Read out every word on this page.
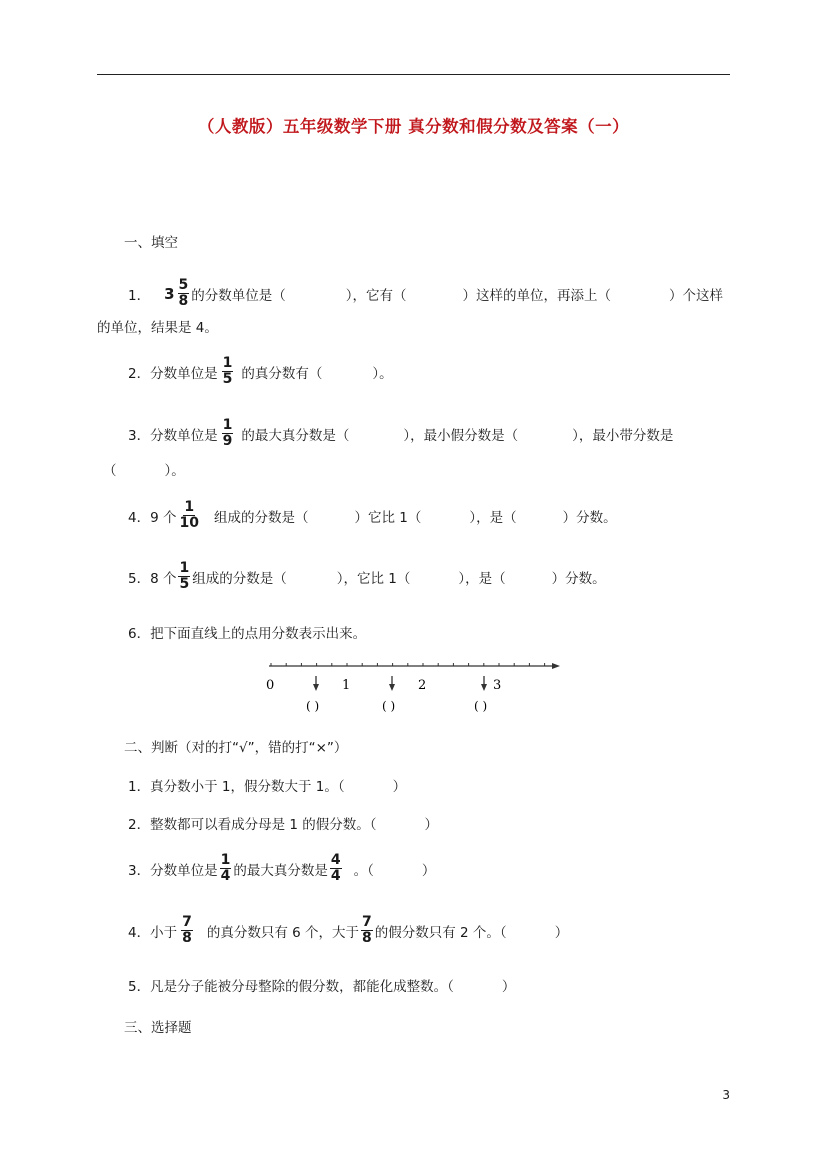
（人教版）五年级数学下册 真分数和假分数及答案（一）
一、填空
1． $3 \frac{5}{8}$ 的分数单位是（	），它有（	）这样的单位，再添上（	）个这样
的单位，结果是 4。
2．分数单位是 $\frac{1}{5}$ 的真分数有（	）。
3．分数单位是 $\frac{1}{9}$ 的最大真分数是（	），最小假分数是（	），最小带分数是
（	）。
4．9 个 $\frac{1}{10}$ 组成的分数是（	）它比 1（	），是（	）分数。
5．8 个 $\frac{1}{5}$ 组成的分数是（	），它比 1（	），是（	）分数。
6．把下面直线上的点用分数表示出来。
0	1	2	3
( )	( )	( )
二、判断（对的打“√”，错的打“×”）
1．真分数小于 1，假分数大于 1。（	）
2．整数都可以看成分母是 1 的假分数。（	）
3．分数单位是 $\frac{1}{4}$ 的最大真分数是 $\frac{4}{4}$ 。（	）
4．小于 $\frac{7}{8}$ 的真分数只有 6 个，大于 $\frac{7}{8}$ 的假分数只有 2 个。（	）
5．凡是分子能被分母整除的假分数，都能化成整数。（	）
三、选择题
3
